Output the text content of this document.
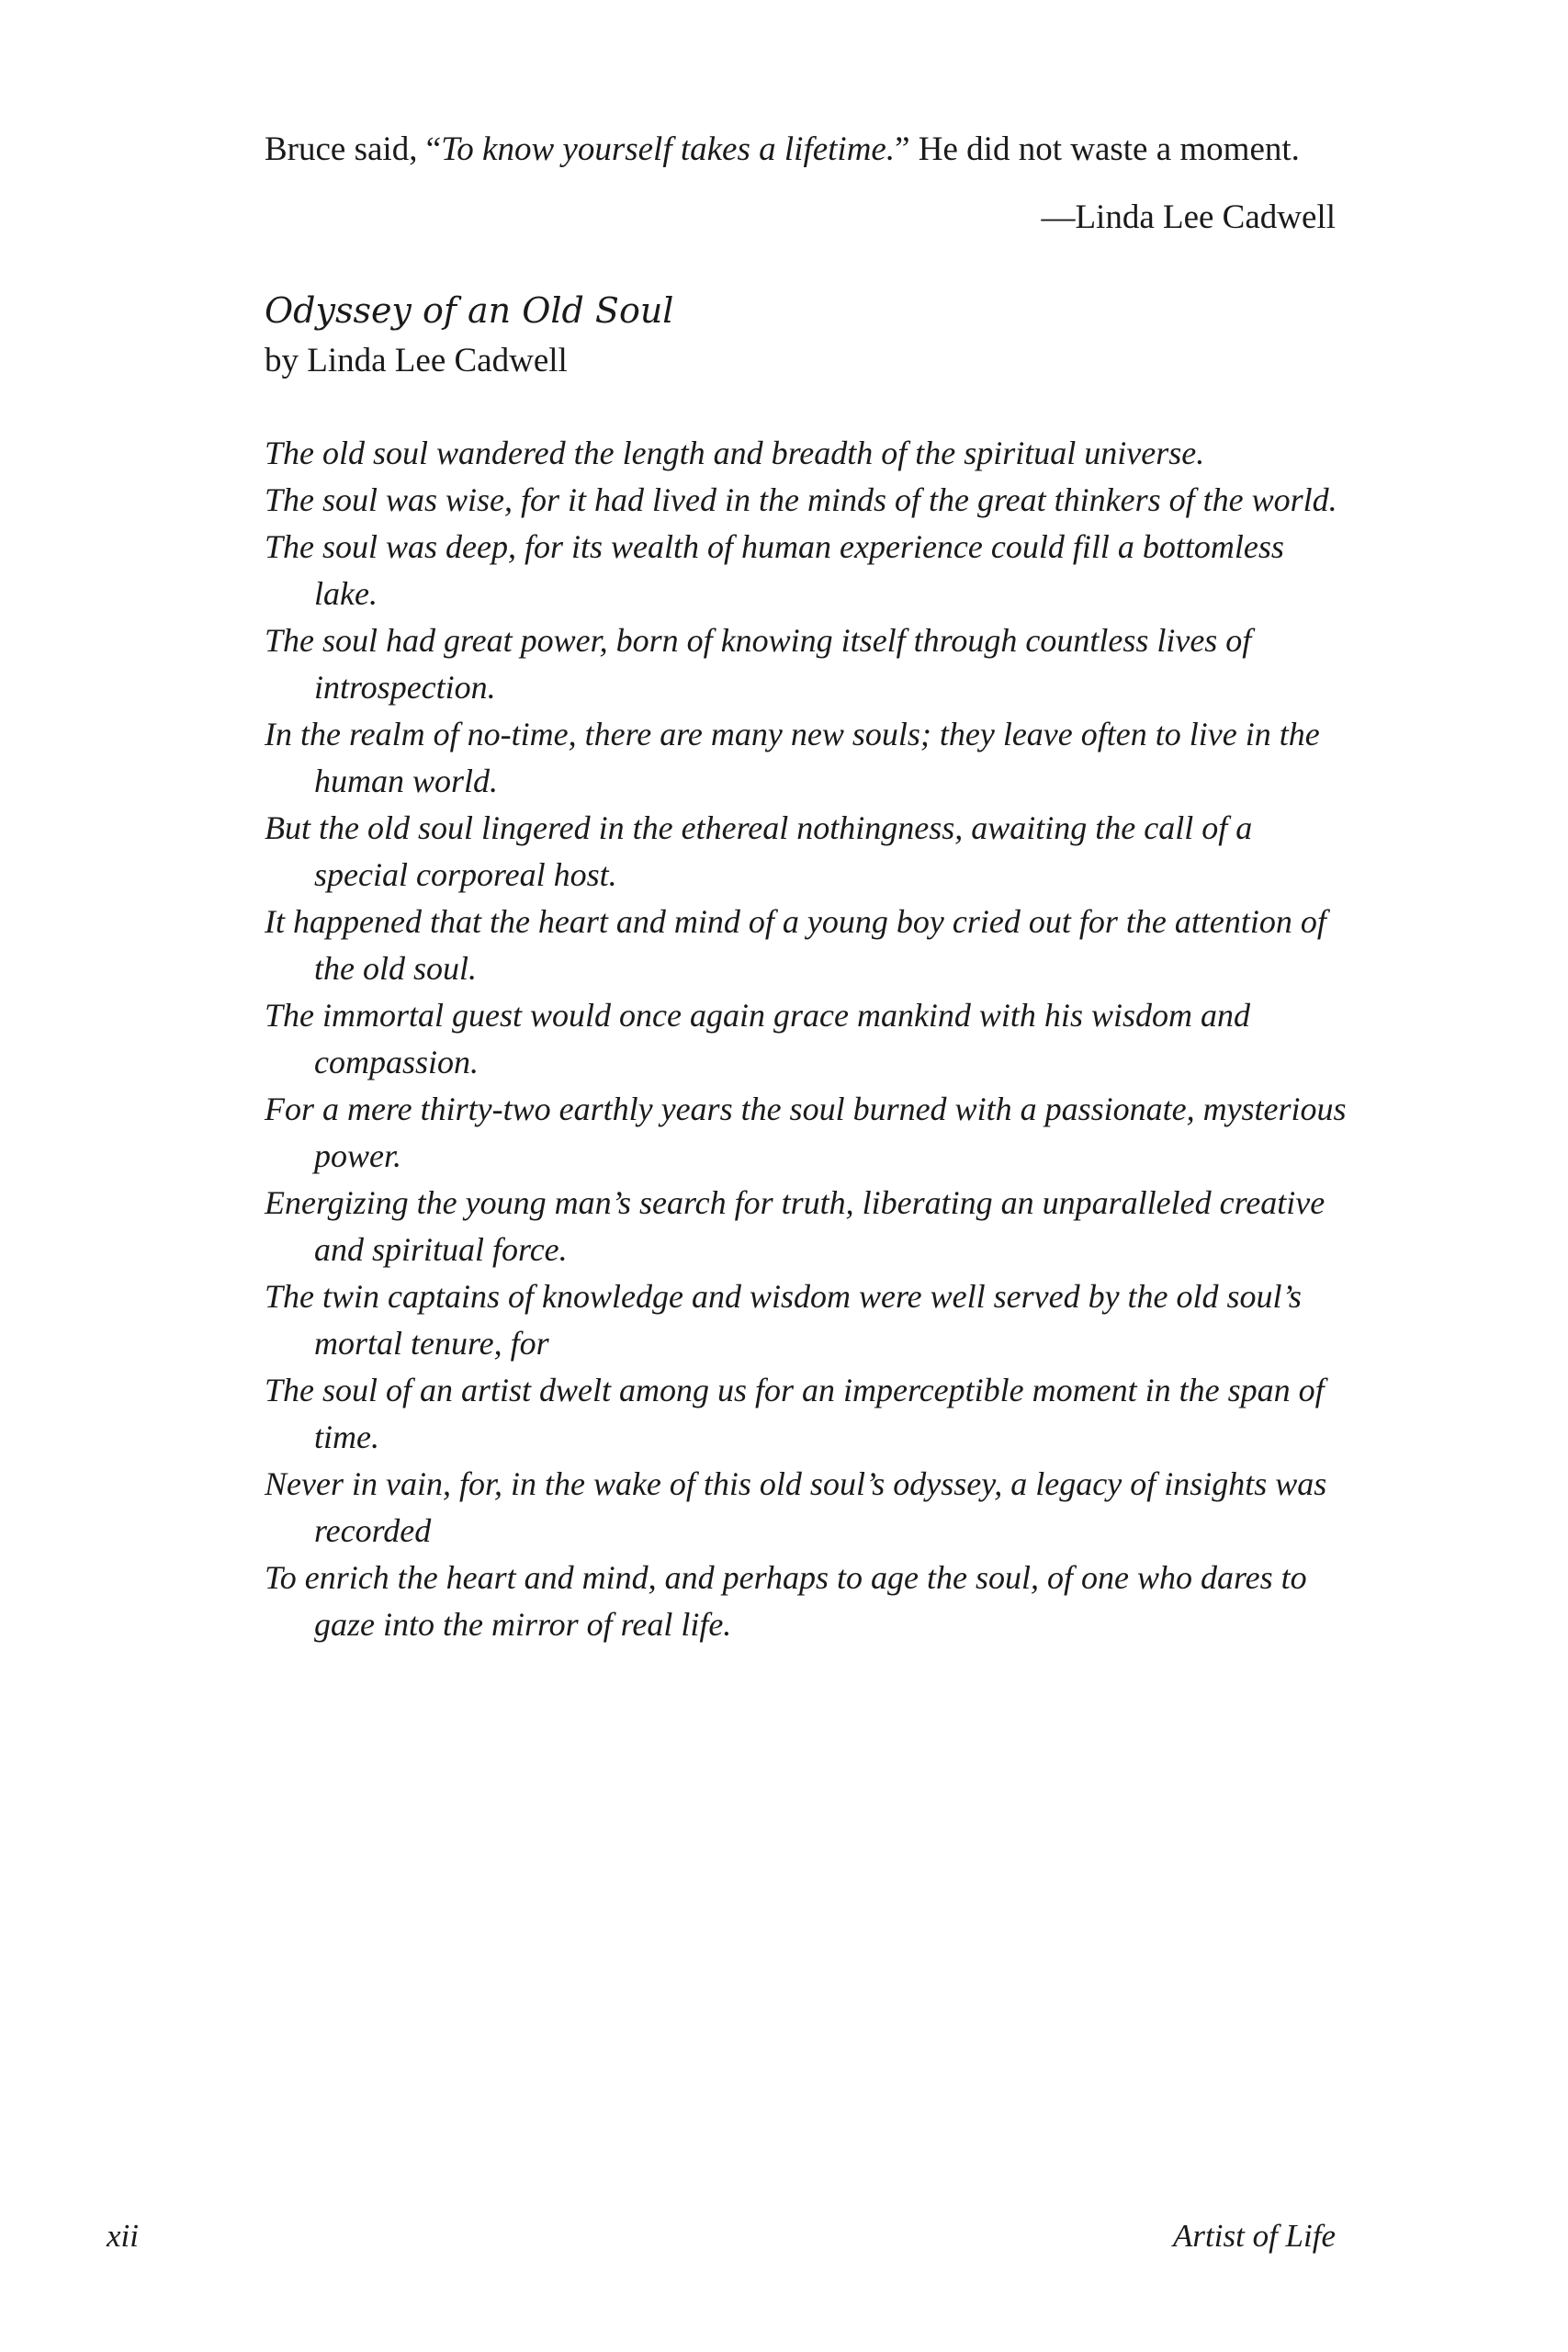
Bruce said, “To know yourself takes a lifetime.” He did not waste a moment.

—Linda Lee Cadwell

Odyssey of an Old Soul

by Linda Lee Cadwell

The old soul wandered the length and breadth of the spiritual universe.
The soul was wise, for it had lived in the minds of the great thinkers of the world.
The soul was deep, for its wealth of human experience could fill a bottomless lake.
The soul had great power, born of knowing itself through countless lives of introspection.
In the realm of no-time, there are many new souls; they leave often to live in the human world.
But the old soul lingered in the ethereal nothingness, awaiting the call of a special corporeal host.
It happened that the heart and mind of a young boy cried out for the attention of the old soul.
The immortal guest would once again grace mankind with his wisdom and compassion.
For a mere thirty-two earthly years the soul burned with a passionate, mysterious power.
Energizing the young man’s search for truth, liberating an unparalleled creative and spiritual force.
The twin captains of knowledge and wisdom were well served by the old soul’s mortal tenure, for
The soul of an artist dwelt among us for an imperceptible moment in the span of time.
Never in vain, for, in the wake of this old soul’s odyssey, a legacy of insights was recorded
To enrich the heart and mind, and perhaps to age the soul, of one who dares to gaze into the mirror of real life.

xii	Artist of Life
